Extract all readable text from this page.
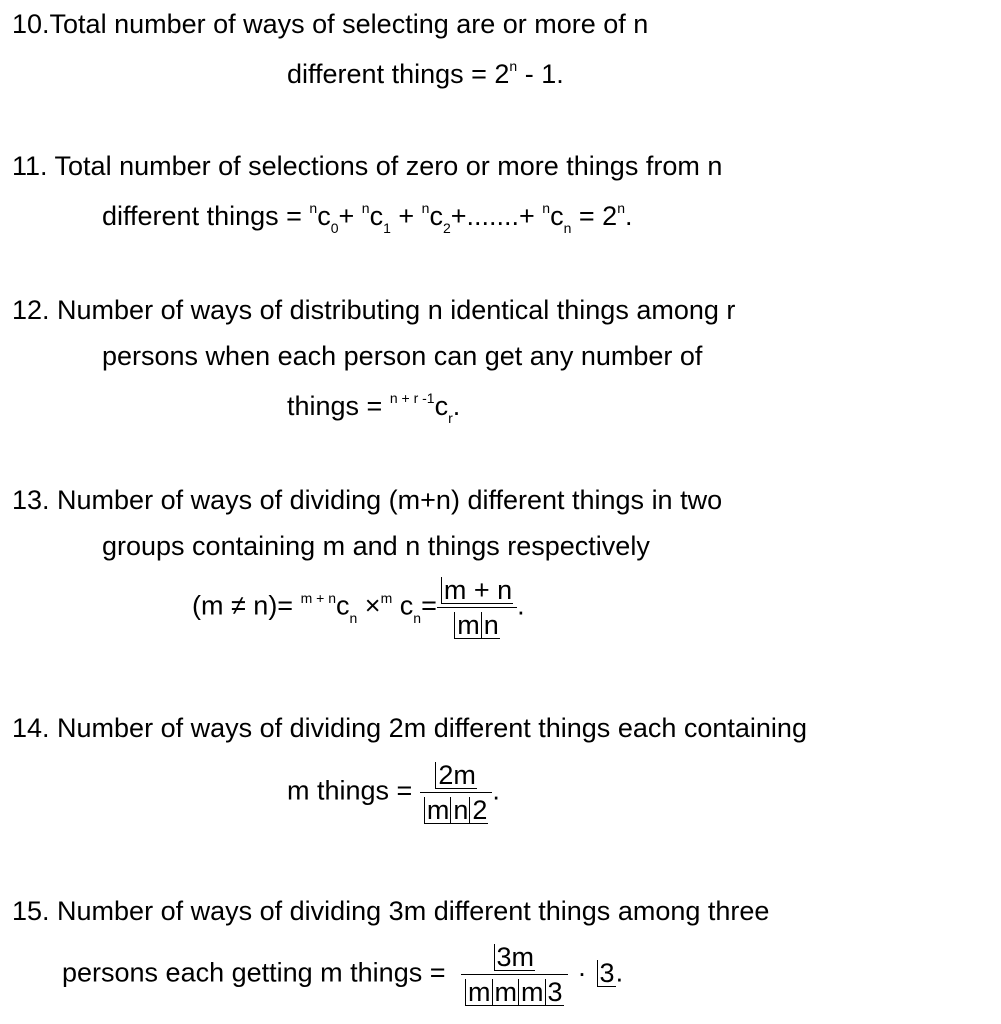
10.Total number of ways of selecting are or more of n
different things = $2^n - 1$.
11. Total number of selections of zero or more things from n
different things = $^nc_0+ ^nc_1 + ^nc_2+.......+ ^nc_n = 2^n$.
12. Number of ways of distributing n identical things among r
persons when each person can get any number of
things = $^{n + r -1}c_r$.
13. Number of ways of dividing (m+n) different things in two
groups containing m and n things respectively
$(m \ne n)= ^{m + n}c_n \times^m$ $c_n= \frac{m + n}{\text{m n}}$ .
14. Number of ways of dividing 2m different things each containing
m things = $\frac{2m}{\text{m n 2}}$ .
15. Number of ways of dividing 3m different things among three
persons each getting m things = $\frac{3m}{\text{m m m 3}} \cdot 3$.
